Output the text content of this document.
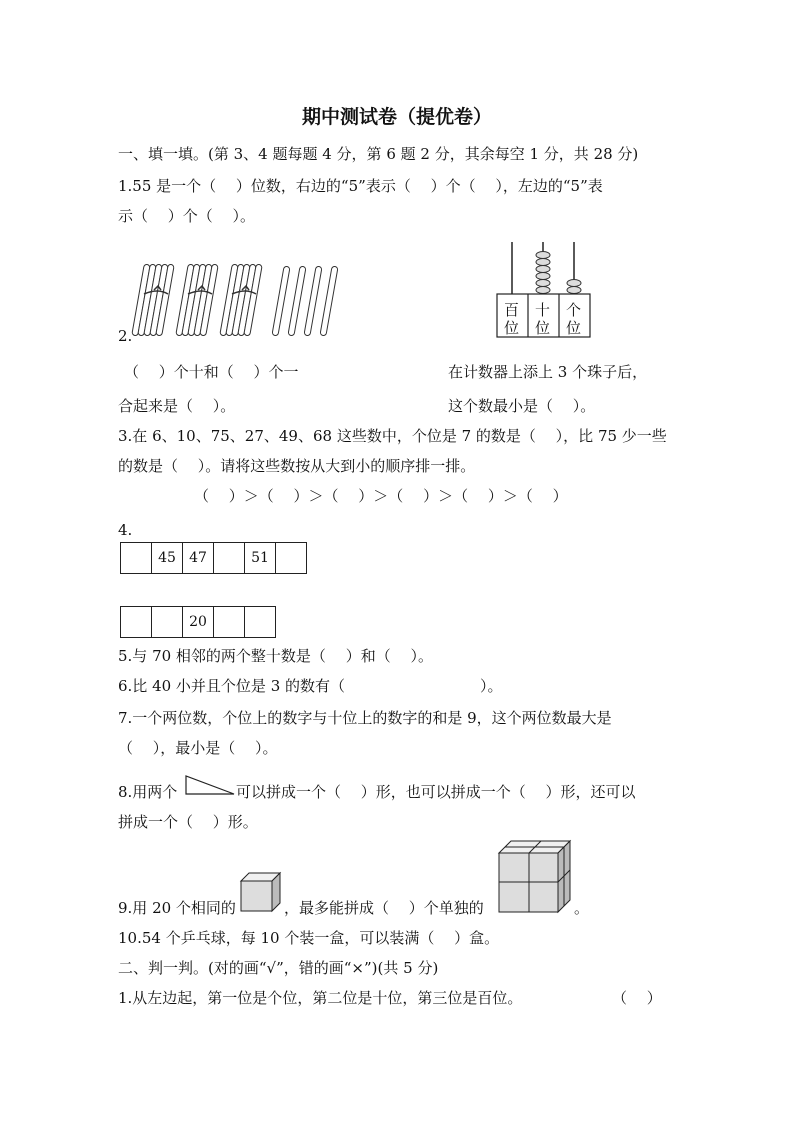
期中测试卷（提优卷）
一、填一填。(第 3、4 题每题 4 分，第 6 题 2 分，其余每空 1 分，共 28 分)
1.55 是一个（　 ）位数，右边的“5”表示（　 ）个（　 ），左边的“5”表
示（　 ）个（　 ）。
2.
百
位
十
位
个
位
（　 ）个十和（　 ）个一
合起来是（　 ）。
在计数器上添上 3 个珠子后，
这个数最小是（　 ）。
3.在 6、10、75、27、49、68 这些数中，个位是 7 的数是（　 ），比 75 少一些
的数是（　 ）。请将这些数按从大到小的顺序排一排。
（　 ）＞（　 ）＞（　 ）＞（　 ）＞（　 ）＞（　 ）
4.
	45	47		51	
		20		
5.与 70 相邻的两个整十数是（　 ）和（　 ）。
6.比 40 小并且个位是 3 的数有（　　　　　　　　　）。
7.一个两位数，个位上的数字与十位上的数字的和是 9，这个两位数最大是
（　 ），最小是（　 ）。
8.用两个	可以拼成一个（　 ）形，也可以拼成一个（　 ）形，还可以
拼成一个（　 ）形。
9.用 20 个相同的	，最多能拼成（　 ）个单独的	。
10.54 个乒乓球，每 10 个装一盒，可以装满（　 ）盒。
二、判一判。(对的画“√”，错的画“×”)(共 5 分)
1.从左边起，第一位是个位，第二位是十位，第三位是百位。	（　 ）
